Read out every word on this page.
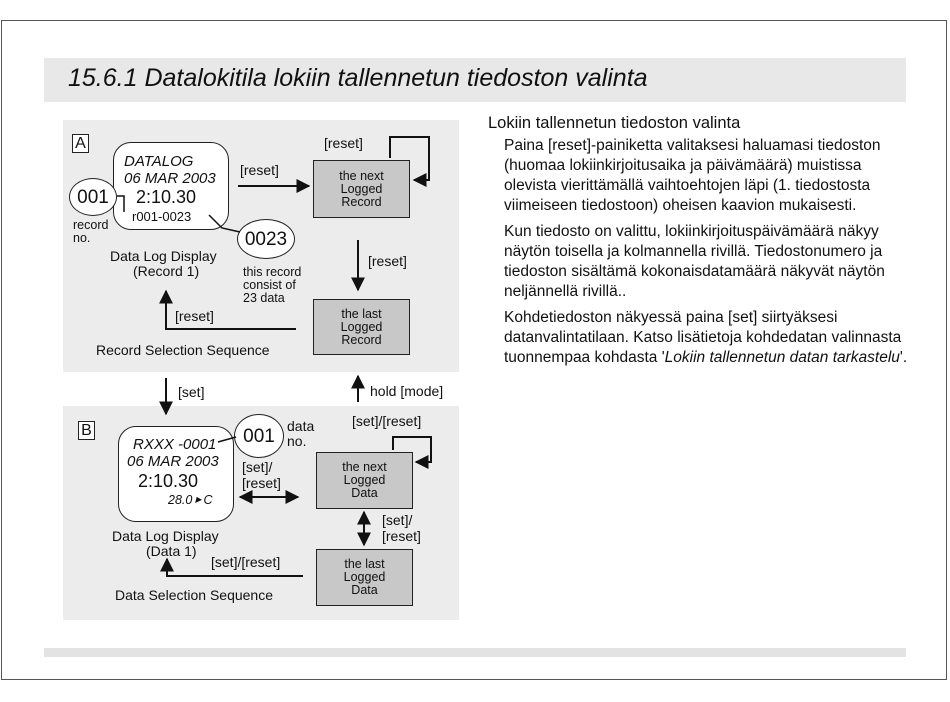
15.6.1 Datalokitila lokiin tallennetun tiedoston valinta
A
DATALOG
06 MAR 2003
2:10.30
r001-0023
001
record
no.	0023
this record
consist of
23 data
Data Log Display
(Record 1)
[reset]
[reset]
[reset]
[reset]
the next
Logged
Record
the last
Logged
Record
Record Selection Sequence
[set]	hold [mode]
B
RXXX -0001
06 MAR 2003
2:10.30
28.0 ▶ C
001 data
no.
Data Log Display
(Data 1)
[set]/
[reset]
[set]/[reset]
[set]/
[reset]
[set]/[reset]
the next
Logged
Data
the last
Logged
Data
Data Selection Sequence
Lokiin tallennetun tiedoston valinta

Paina [reset]-painiketta valitaksesi haluamasi tiedoston (huomaa lokiinkirjoitusaika ja päivämäärä) muistissa olevista vierittämällä vaihtoehtojen läpi (1. tiedostosta viimeiseen tiedostoon) oheisen kaavion mukaisesti.

Kun tiedosto on valittu, lokiinkirjoituspäivämäärä näkyy näytön toisella ja kolmannella rivillä. Tiedostonumero ja tiedoston sisältämä kokonaisdatamäärä näkyvät näytön neljännellä rivillä..

Kohdetiedoston näkyessä paina [set] siirtyäksesi datanvalintatilaan. Katso lisätietoja kohdedatan valinnasta tuonnempaa kohdasta 'Lokiin tallennetun datan tarkastelu'.
